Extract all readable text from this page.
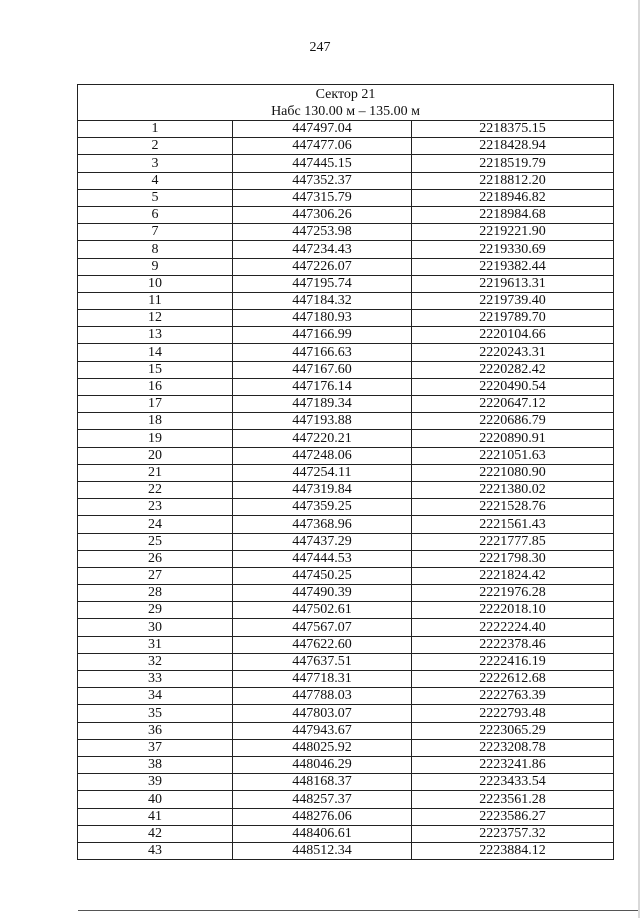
247
Сектор 21
Набс 130.00 м – 135.00 м		

1	447497.04	2218375.15
2	447477.06	2218428.94
3	447445.15	2218519.79
4	447352.37	2218812.20
5	447315.79	2218946.82
6	447306.26	2218984.68
7	447253.98	2219221.90
8	447234.43	2219330.69
9	447226.07	2219382.44
10	447195.74	2219613.31
11	447184.32	2219739.40
12	447180.93	2219789.70
13	447166.99	2220104.66
14	447166.63	2220243.31
15	447167.60	2220282.42
16	447176.14	2220490.54
17	447189.34	2220647.12
18	447193.88	2220686.79
19	447220.21	2220890.91
20	447248.06	2221051.63
21	447254.11	2221080.90
22	447319.84	2221380.02
23	447359.25	2221528.76
24	447368.96	2221561.43
25	447437.29	2221777.85
26	447444.53	2221798.30
27	447450.25	2221824.42
28	447490.39	2221976.28
29	447502.61	2222018.10
30	447567.07	2222224.40
31	447622.60	2222378.46
32	447637.51	2222416.19
33	447718.31	2222612.68
34	447788.03	2222763.39
35	447803.07	2222793.48
36	447943.67	2223065.29
37	448025.92	2223208.78
38	448046.29	2223241.86
39	448168.37	2223433.54
40	448257.37	2223561.28
41	448276.06	2223586.27
42	448406.61	2223757.32
43	448512.34	2223884.12
